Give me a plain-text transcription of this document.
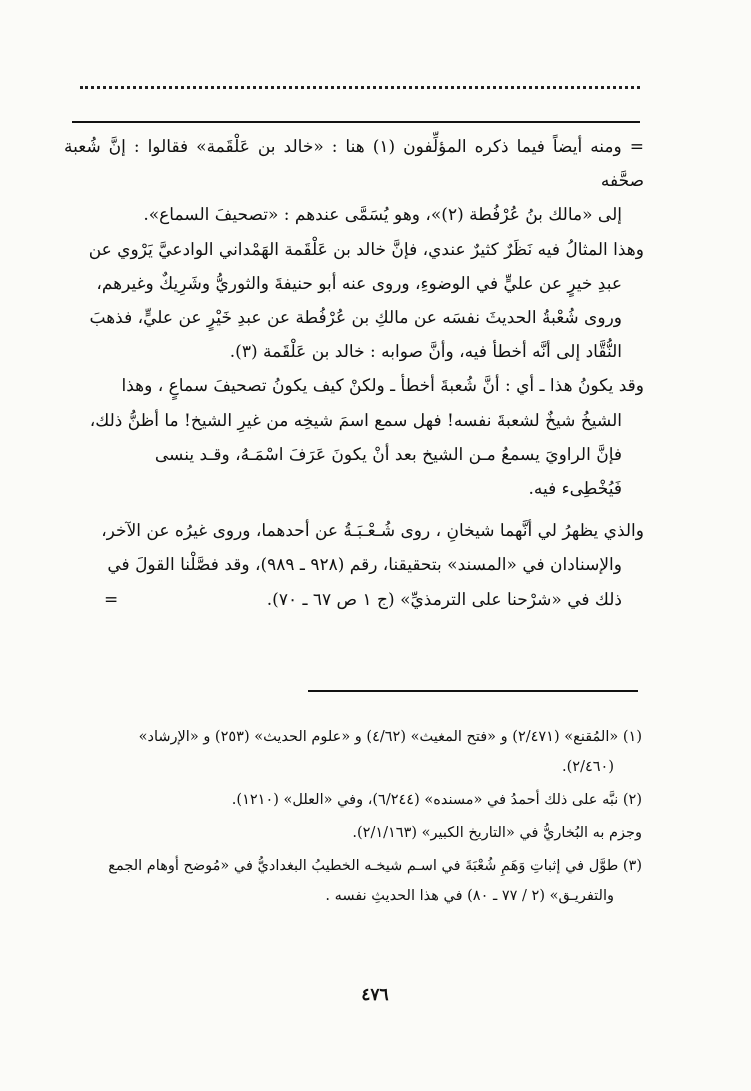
= ومنه أيضاً فيما ذكره المؤلِّفون (١) هنا : «خالد بن عَلْقَمة» فقالوا : إنَّ شُعبة صحَّفه

إلى «مالك بنُ عُرْفُطة (٢)»، وهو يُسَمَّى عندهم : «تصحيفَ السماع».

وهذا المثالُ فيه نَظَرٌ كثيرٌ عندي، فإنَّ خالد بن عَلْقَمة الهَمْداني الوادعيَّ يَرْوي عن

عبدِ خيرٍ عن عليٍّ في الوضوءِ، وروى عنه أبو حنيفةَ والثوريُّ وشَرِيكٌ وغيرهم،

وروى شُعْبةُ الحديثَ نفسَه عن مالكِ بن عُرْفُطة عن عبدِ خَيْرٍ عن عليٍّ، فذهبَ

النُّقَّاد إلى أنَّه أخطأ فيه، وأنَّ صوابه : خالد بن عَلْقَمة (٣).

وقد يكونُ هذا ـ أي : أنَّ شُعبةَ أخطأ ـ ولكنْ كيف يكونُ تصحيفَ سماعٍ ، وهذا

الشيخُ شيخٌ لشعبةَ نفسه! فهل سمع اسمَ شيخِه من غيرِ الشيخ! ما أظنُّ ذلك،

فإنَّ الراويَ يسمعُ مـن الشيخ بعد أنْ يكونَ عَرَفَ اسْمَـهُ، وقـد ينسى

فَيُخْطِىء فيه.

والذي يظهرُ لي أنَّهما شيخانِ ، روى شُـعْـبَـةُ عن أحدهما، وروى غيرُه عن الآخر،

والإسنادان في «المسند» بتحقيقنا، رقم (٩٢٨ ـ ٩٨٩)، وقد فصَّلْنا القولَ في

ذلك في «شرْحنا على الترمذيِّ» (ج ١ ص ٦٧ ـ ٧٠).
=

(١) «المُقنع» (٢/٤٧١) و «فتح المغيث» (٤/٦٢) و «علوم الحديث» (٢٥٣) و «الإرشاد»

(٢/٤٦٠).

(٢) نبَّه على ذلك أحمدُ في «مسنده» (٦/٢٤٤)، وفي «العلل» (١٢١٠).

وجزم به البُخاريُّ في «التاريخ الكبير» (٢/١/١٦٣).

(٣) طوَّل في إثباتِ وَهَمِ شُعْبَةَ في اسـم شيخـه الخطيبُ البغداديُّ في «مُوضح أوهام الجمع

والتفريـق» (٢ / ٧٧ ـ ٨٠) في هذا الحديثِ نفسه .

٤٧٦
